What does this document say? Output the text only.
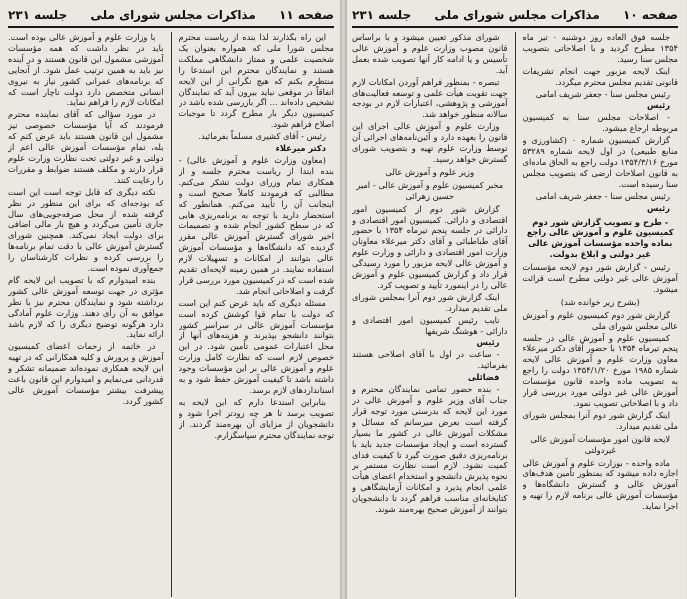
صفحه ۱۱
مذاکرات مجلس شورای ملی
جلسه ۲۳۱

این راه بگذارند لذا بنده از ریاست محترم مجلس شورا ملی که همواره بعنوان یک شخصیت علمی و ممتاز دانشگاهی مملکت هستند و نمایندگان محترم این استدعا را منتظرم بکنم که هیچ نگرانی از این لایحه اتفاقاً در موقعی نباید بیرون آید که نمایندگان تشخیص داده‌اند ... اگر بازرسی شده باشد در کمیسیون دیگر بار مطرح گردد تا موجبات اصلاح فراهم شود.

رئیس - آقای کشیری مسلماً بفرمائید.

دکتر میرعلاء

(معاون وزارت علوم و آموزش عالی) - بنده ابتدا از ریاست محترم جلسه و از همکاری تمام وزرای دولت تشکر می‌کنم. مطالبی که فرمودند کاملاً صحیح است و اینجانب آن را تأیید می‌کنم. همانطور که استحضار دارید با توجه به برنامه‌ریزی هایی که در سطح کشور انجام شده و تصمیمات اخیر شورای گسترش آموزش عالی مقرر گردیده که دانشگاه‌ها و مؤسسات آموزش عالی بتوانند از امکانات و تسهیلات لازم استفاده نمایند. در همین زمینه لایحه‌ای تقدیم شده است که در کمیسیون مورد بررسی قرار گرفت و اصلاحاتی انجام شد.

مسئله دیگری که باید عرض کنم این است که دولت با تمام قوا کوشش کرده است مؤسسات آموزش عالی در سراسر کشور بتوانند دانشجو بپذیرند و هزینه‌های آنها از محل اعتبارات عمومی تأمین شود. در این خصوص لازم است که نظارت کامل وزارت علوم و آموزش عالی بر این مؤسسات وجود داشته باشد تا کیفیت آموزش حفظ شود و به استانداردهای لازم برسد.

بنابراین استدعا دارم که این لایحه به تصویب برسد تا هر چه زودتر اجرا شود و دانشجویان از مزایای آن بهره‌مند گردند. از توجه نمایندگان محترم سپاسگزارم.

با وزارت علوم و آموزش عالی بوده است. باید در نظر داشت که همه مؤسسات آموزشی مشمول این قانون هستند و در آینده نیز باید به همین ترتیب عمل شود. از آنجایی که برنامه‌های عمرانی کشور نیاز به نیروی انسانی متخصص دارد دولت ناچار است که امکانات لازم را فراهم نماید.

در مورد سؤالی که آقای نماینده محترم فرمودند که آیا مؤسسات خصوصی نیز مشمول این قانون هستند باید عرض کنم که بله، تمام مؤسسات آموزش عالی اعم از دولتی و غیر دولتی تحت نظارت وزارت علوم قرار دارند و مکلف هستند ضوابط و مقررات را رعایت کنند.

نکته دیگری که قابل توجه است این است که بودجه‌ای که برای این منظور در نظر گرفته شده از محل صرفه‌جویی‌های سال جاری تأمین می‌گردد و هیچ بار مالی اضافی برای دولت ایجاد نمی‌کند. همچنین شورای گسترش آموزش عالی با دقت تمام برنامه‌ها را بررسی کرده و نظرات کارشناسان را جمع‌آوری نموده است.

بنده امیدوارم که با تصویب این لایحه گام مؤثری در جهت توسعه آموزش عالی کشور برداشته شود و نمایندگان محترم نیز با نظر موافق به آن رأی دهند. وزارت علوم آمادگی دارد هرگونه توضیح دیگری را که لازم باشد ارائه نماید.

در خاتمه از زحمات اعضای کمیسیون آموزش و پرورش و کلیه همکارانی که در تهیه این لایحه همکاری نموده‌اند صمیمانه تشکر و قدردانی می‌نمایم و امیدوارم این قانون باعث پیشرفت بیشتر مؤسسات آموزش عالی کشور گردد.

صفحه ۱۰
مذاکرات مجلس شورای ملی
جلسه ۲۳۱

جلسه فوق العاده روز دوشنبه ۰ تیر ماه ۱۳۵۴ مطرح گردید و با اصلاحاتی بتصویب مجلس سنا رسید.

اینک لایحه مزبور جهت انجام تشریفات قانونی تقدیم مجلس محترم میگردد.

رئیس مجلس سنا - جعفر شریف امامی

رئیس

- اصلاحات مجلس سنا به کمیسیون مربوطه ارجاع میشود.

گزارش کمیسیون شماره ۰ (کشاورزی و منابع طبیعی) در اول لایحه شماره ۵۳۲۸۹ مورخ ۱۳۵۴/۳/۱۶ دولت راجع به الحاق ماده‌ای به قانون اصلاحات ارضی که بتصویب مجلس سنا رسیده است.

رئیس مجلس سنا - جعفر شریف امامی

رئیس

- طرح و تصویب گزارش شور دوم کمیسیون علوم و آموزش عالی راجع بماده واحده مؤسسات آموزش عالی غیر دولتی و ابلاغ بدولت.

رئیس - گزارش شور دوم لایحه مؤسسات آموزش عالی غیر دولتی مطرح است قرائت میشود.

(بشرح زیر خوانده شد)

گزارش شور دوم کمیسیون علوم و آموزش عالی مجلس شورای ملی

کمیسیون علوم و آموزش عالی در جلسه پنجم تیرماه ۱۳۵۴ با حضور آقای دکتر میرعلاء معاون وزارت علوم و آموزش عالی لایحه شماره ۱۹۸۵ مورخ ۱۳۵۴/۱/۲۰ دولت را راجع به تصویب ماده واحده قانون مؤسسات آموزش عالی غیر دولتی مورد بررسی قرار داد و با اصلاحاتی تصویب نمود.

اینک گزارش شور دوم آنرا بمجلس شورای ملی تقدیم میدارد.

لایحه قانون امور مؤسسات آموزش عالی غیردولتی

ماده واحده - بوزارت علوم و آموزش عالی اجازه داده میشود که بمنظور تأمین هدف‌های آموزش عالی و گسترش دانشگاه‌ها و مؤسسات آموزش عالی برنامه لازم را تهیه و اجرا نماید.

شورای مذکور تعیین میشود و با براساس قانون مصوب وزارت علوم و آموزش عالی تأسیس و یا ادامه کار آنها تصویب شده بعمل آید.

تبصره - بمنظور فراهم آوردن امکانات لازم جهت تقویت هیأت علمی و توسعه فعالیت‌های آموزشی و پژوهشی، اعتبارات لازم در بودجه سالانه منظور خواهد شد.

وزارت علوم و آموزش عالی اجرای این قانون را بعهده دارد و آئین‌نامه‌های اجرائی آن توسط وزارت علوم تهیه و بتصویب شورای گسترش خواهد رسید.

وزیر علوم و آموزش عالی

مخبر کمیسیون علوم و آموزش عالی - امیر حسین زهرائی

گزارش شور دوم از کمیسیون امور اقتصادی و دارائی. کمیسیون امور اقتصادی و دارائی در جلسه پنجم تیرماه ۱۳۵۴ با حضور آقای طباطبائی و آقای دکتر میرعلاء معاونان وزارت امور اقتصادی و دارائی و وزارت علوم و آموزش عالی لایحه مزبور را مورد رسیدگی قرار داد و گزارش کمیسیون علوم و آموزش عالی را در اینمورد تأیید و تصویب کرد.

اینک گزارش شور دوم آنرا بمجلس شورای ملی تقدیم میدارد.

نایب رئیس کمیسیون امور اقتصادی و دارائی - هوشنگ شریفها

رئیس

- ساعت در اول با آقای اصلاحی هستند بفرمائید.

فضائلی

- بنده حضور تمامی نمایندگان محترم و جناب آقای وزیر علوم و آموزش عالی در مورد این لایحه که بدرستی مورد توجه قرار گرفته است بعرض میرسانم که مسائل و مشکلات آموزش عالی در کشور ما بسیار گسترده است و ایجاد مؤسسات جدید باید با برنامه‌ریزی دقیق صورت گیرد تا کیفیت فدای کمیت نشود. لازم است نظارت مستمر بر نحوه پذیرش دانشجو و استخدام اعضای هیأت علمی انجام پذیرد و امکانات آزمایشگاهی و کتابخانه‌ای مناسب فراهم گردد تا دانشجویان بتوانند از آموزش صحیح بهره‌مند شوند.
